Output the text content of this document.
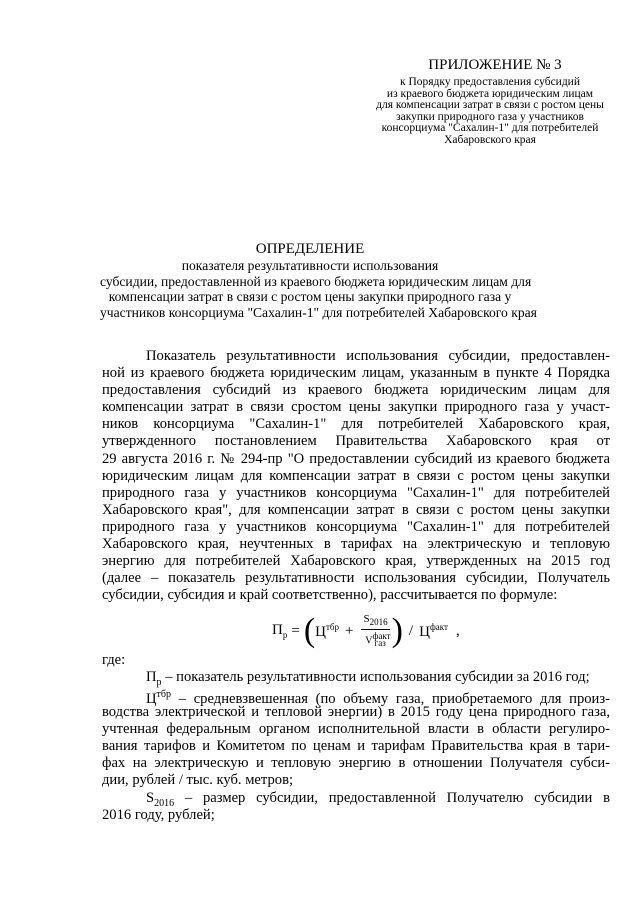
ПРИЛОЖЕНИЕ № 3
к Порядку предоставления субсидий
из краевого бюджета юридическим лицам
для компенсации затрат в связи с ростом цены
закупки природного газа у участников
консорциума "Сахалин-1" для потребителей
Хабаровского края
ОПРЕДЕЛЕНИЕ
показателя результативности использования
субсидии, предоставленной из краевого бюджета юридическим лицам для
компенсации затрат в связи с ростом цены закупки природного газа у
участников консорциума "Сахалин-1" для потребителей Хабаровского края
Показатель результативности использования субсидии, предоставлен-
ной из краевого бюджета юридическим лицам, указанным в пункте 4 Порядка
предоставления субсидий из краевого бюджета юридическим лицам для
компенсации затрат в связи сростом цены закупки природного газа у участ-
ников консорциума "Сахалин-1" для потребителей Хабаровского края,
утвержденного постановлением Правительства Хабаровского края от
29 августа 2016 г. № 294-пр "О предоставлении субсидий из краевого бюджета
юридическим лицам для компенсации затрат в связи с ростом цены закупки
природного газа у участников консорциума "Сахалин-1" для потребителей
Хабаровского края", для компенсации затрат в связи с ростом цены закупки
природного газа у участников консорциума "Сахалин-1" для потребителей
Хабаровского края, неучтенных в тарифах на электрическую и тепловую
энергию для потребителей Хабаровского края, утвержденных на 2015 год
(далее – показатель результативности использования субсидии, Получатель
субсидии, субсидия и край соответственно), рассчитывается по формуле:
$П_р$ = ( $Ц^{тбр} + \frac{S_{2016}}{V^{факт}_{газ}}$ ) / $Ц^{факт}$ ,
где:
$П_р$ – показатель результативности использования субсидии за 2016 год;
$Ц^{тбр}$ – средневзвешенная (по объему газа, приобретаемого для произ-
водства электрической и тепловой энергии) в 2015 году цена природного газа,
учтенная федеральным органом исполнительной власти в области регулиро-
вания тарифов и Комитетом по ценам и тарифам Правительства края в тари-
фах на электрическую и тепловую энергию в отношении Получателя субси-
дии, рублей / тыс. куб. метров;
$S_{2016}$ – размер субсидии, предоставленной Получателю субсидии в
2016 году, рублей;
